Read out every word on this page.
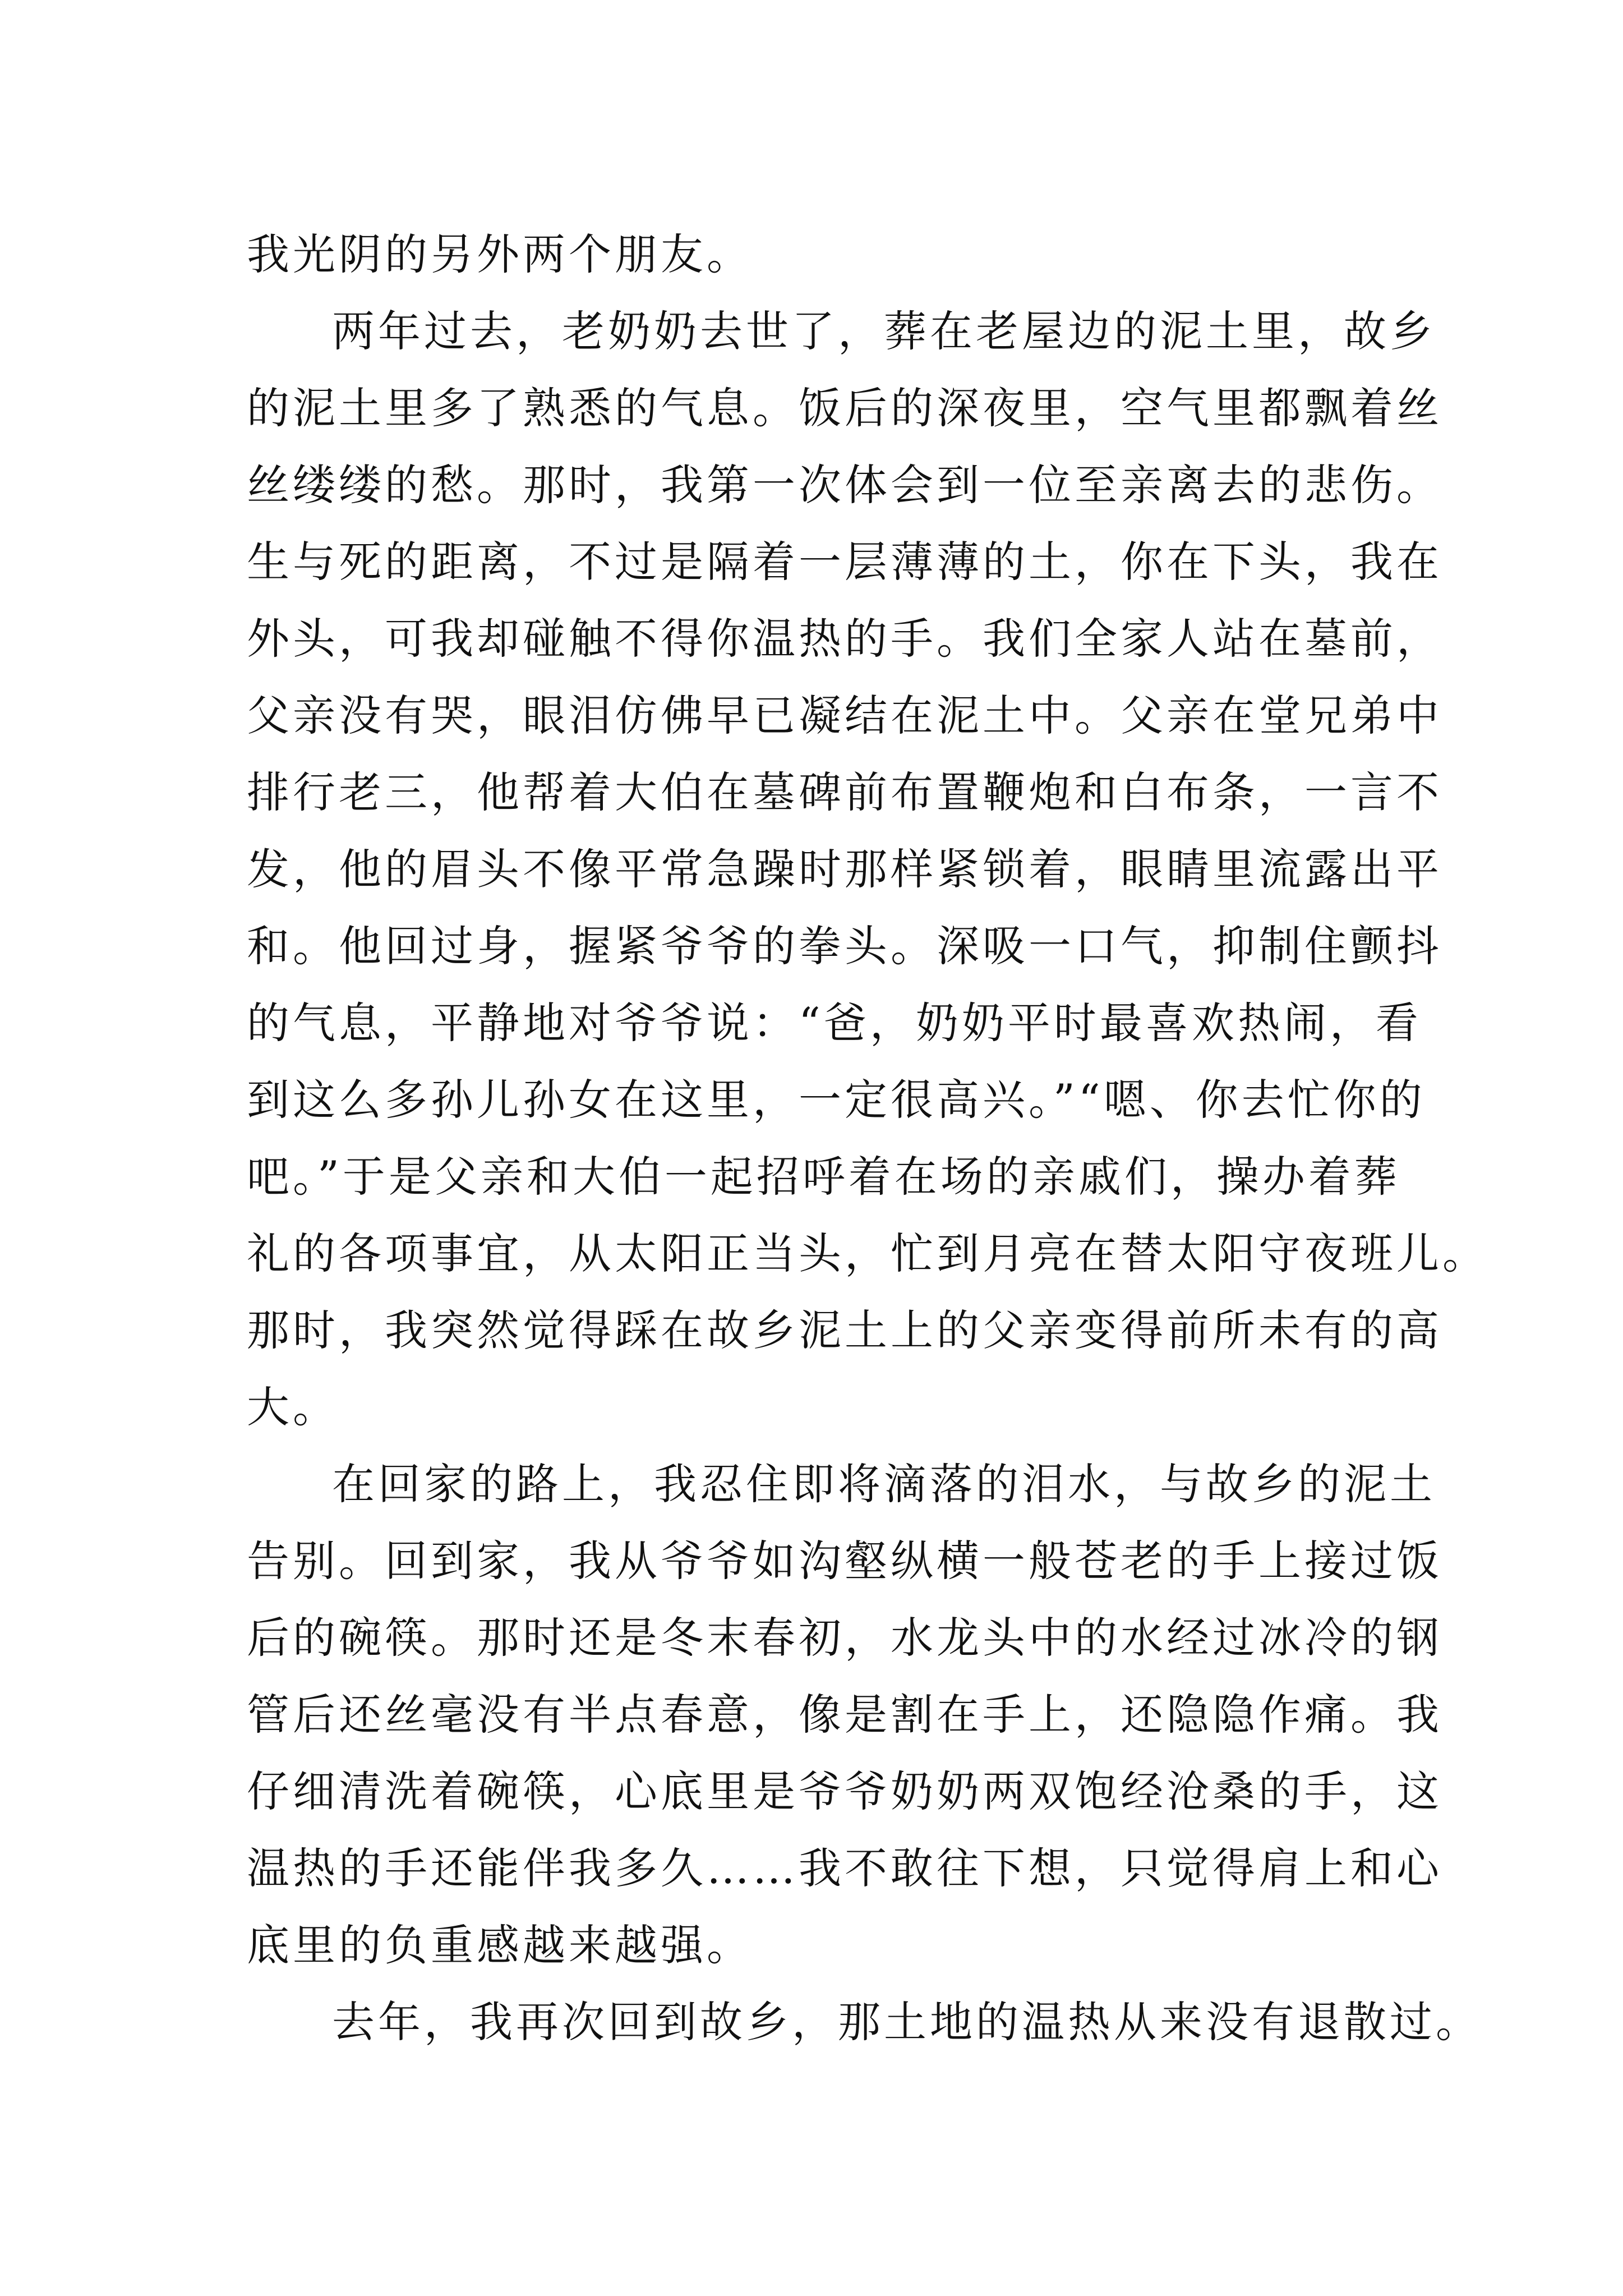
我光阴的另外两个朋友。
两年过去，老奶奶去世了，葬在老屋边的泥土里，故乡
的泥土里多了熟悉的气息。饭后的深夜里，空气里都飘着丝
丝缕缕的愁。那时，我第一次体会到一位至亲离去的悲伤。
生与死的距离，不过是隔着一层薄薄的土，你在下头，我在
外头，可我却碰触不得你温热的手。我们全家人站在墓前，
父亲没有哭，眼泪仿佛早已凝结在泥土中。父亲在堂兄弟中
排行老三，他帮着大伯在墓碑前布置鞭炮和白布条，一言不
发，他的眉头不像平常急躁时那样紧锁着，眼睛里流露出平
和。他回过身，握紧爷爷的拳头。深吸一口气，抑制住颤抖
的气息，平静地对爷爷说：“爸，奶奶平时最喜欢热闹，看
到这么多孙儿孙女在这里，一定很高兴。”“嗯、你去忙你的
吧。”于是父亲和大伯一起招呼着在场的亲戚们，操办着葬
礼的各项事宜，从太阳正当头，忙到月亮在替太阳守夜班儿。
那时，我突然觉得踩在故乡泥土上的父亲变得前所未有的高
大。
在回家的路上，我忍住即将滴落的泪水，与故乡的泥土
告别。回到家，我从爷爷如沟壑纵横一般苍老的手上接过饭
后的碗筷。那时还是冬末春初，水龙头中的水经过冰冷的钢
管后还丝毫没有半点春意，像是割在手上，还隐隐作痛。我
仔细清洗着碗筷，心底里是爷爷奶奶两双饱经沧桑的手，这
温热的手还能伴我多久……我不敢往下想，只觉得肩上和心
底里的负重感越来越强。
去年，我再次回到故乡，那土地的温热从来没有退散过。
